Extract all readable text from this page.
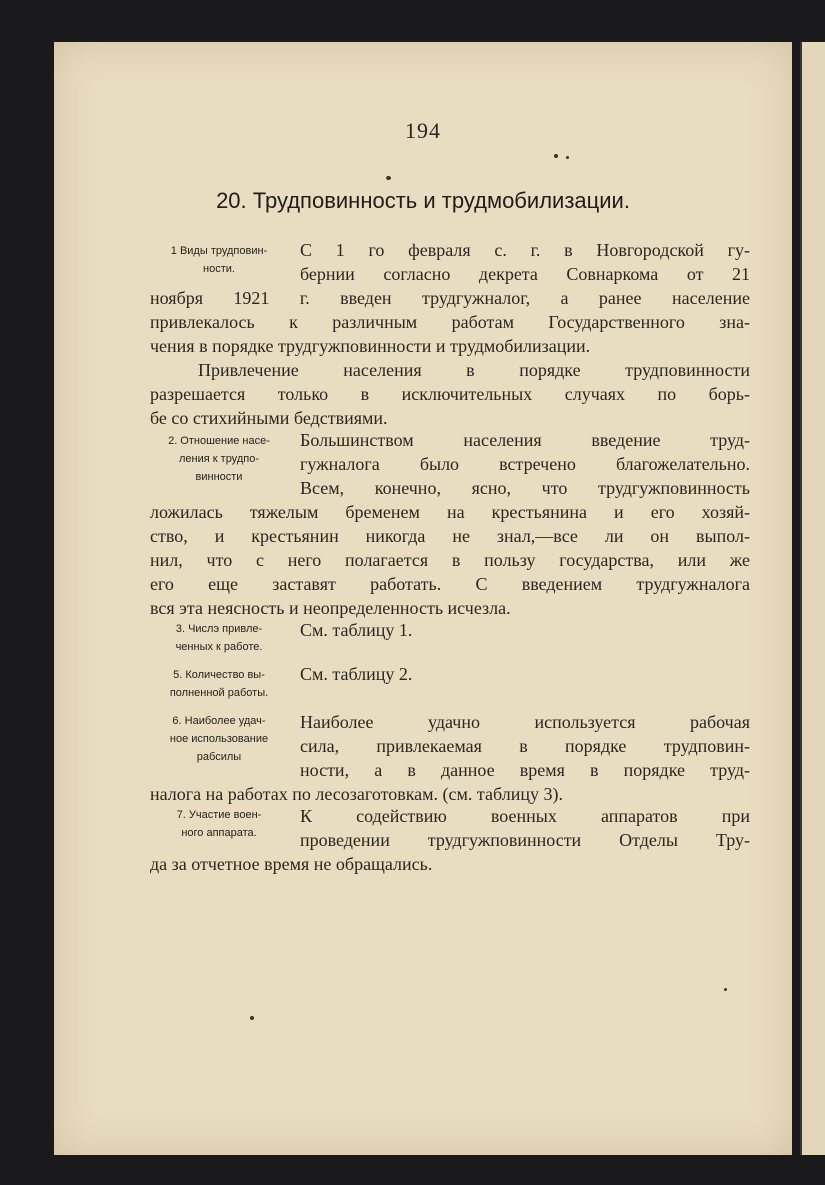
194
20. Трудповинность и трудмобилизации.
1 Виды трудповин-
ности.
С 1 го февраля с. г. в Новгородской гу-
бернии согласно декрета Совнаркома от 21
ноября 1921 г. введен трудгужналог, а ранее население
привлекалось к различным работам Государственного зна-
чения в порядке трудгужповинности и трудмобилизации.
Привлечение населения в порядке трудповинности
разрешается только в исключительных случаях по борь-
бе со стихийными бедствиями.
2. Отношение насе-
ления к трудпо-
винности
Большинством населения введение труд-
гужналога было встречено благожелательно.
Всем, конечно, ясно, что трудгужповинность
ложилась тяжелым бременем на крестьянина и его хозяй-
ство, и крестьянин никогда не знал,—все ли он выпол-
нил, что с него полагается в пользу государства, или же
его еще заставят работать. С введением трудгужналога
вся эта неясность и неопределенность исчезла.
3. Числэ привле-
ченных к работе.
См. таблицу 1.
5. Количество вы-
полненной работы.
См. таблицу 2.
6. Наиболее удач-
ное использование
рабсилы
Наиболее удачно используется рабочая
сила, привлекаемая в порядке трудповин-
ности, а в данное время в порядке труд-
налога на работах по лесозаготовкам. (см. таблицу 3).
7. Участие воен-
ного аппарата.
К содействию военных аппаратов при
проведении трудгужповинности Отделы Тру-
да за отчетное время не обращались.
